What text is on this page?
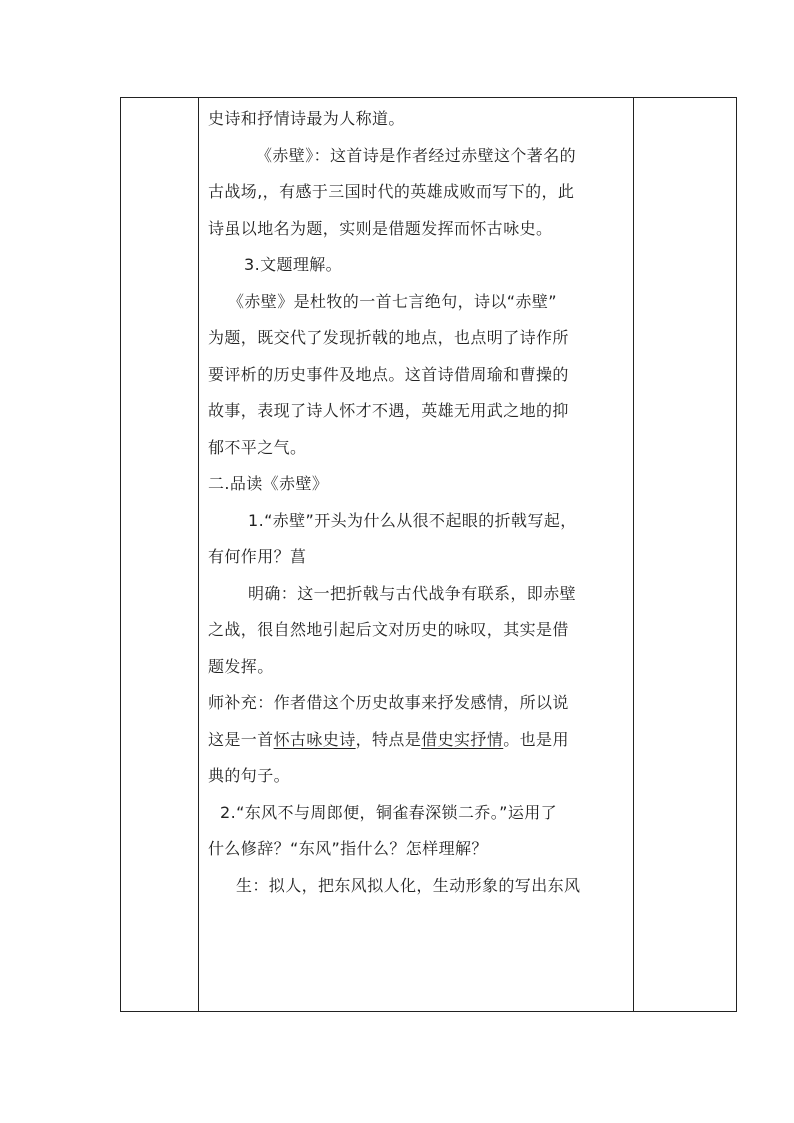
史诗和抒情诗最为人称道。
《赤壁》：这首诗是作者经过赤壁这个著名的
古战场,，有感于三国时代的英雄成败而写下的，此
诗虽以地名为题，实则是借题发挥而怀古咏史。
3.文题理解。
《赤壁》是杜牧的一首七言绝句，诗以“赤壁”
为题，既交代了发现折戟的地点，也点明了诗作所
要评析的历史事件及地点。这首诗借周瑜和曹操的
故事，表现了诗人怀才不遇，英雄无用武之地的抑
郁不平之气。
二.品读《赤壁》
1.“赤壁”开头为什么从很不起眼的折戟写起，
有何作用？菖
明确：这一把折戟与古代战争有联系，即赤壁
之战，很自然地引起后文对历史的咏叹，其实是借
题发挥。
师补充：作者借这个历史故事来抒发感情，所以说
这是一首怀古咏史诗，特点是借史实抒情。也是用
典的句子。
2.“东风不与周郎便，铜雀春深锁二乔。”运用了
什么修辞？“东风”指什么？怎样理解？
生：拟人，把东风拟人化，生动形象的写出东风
